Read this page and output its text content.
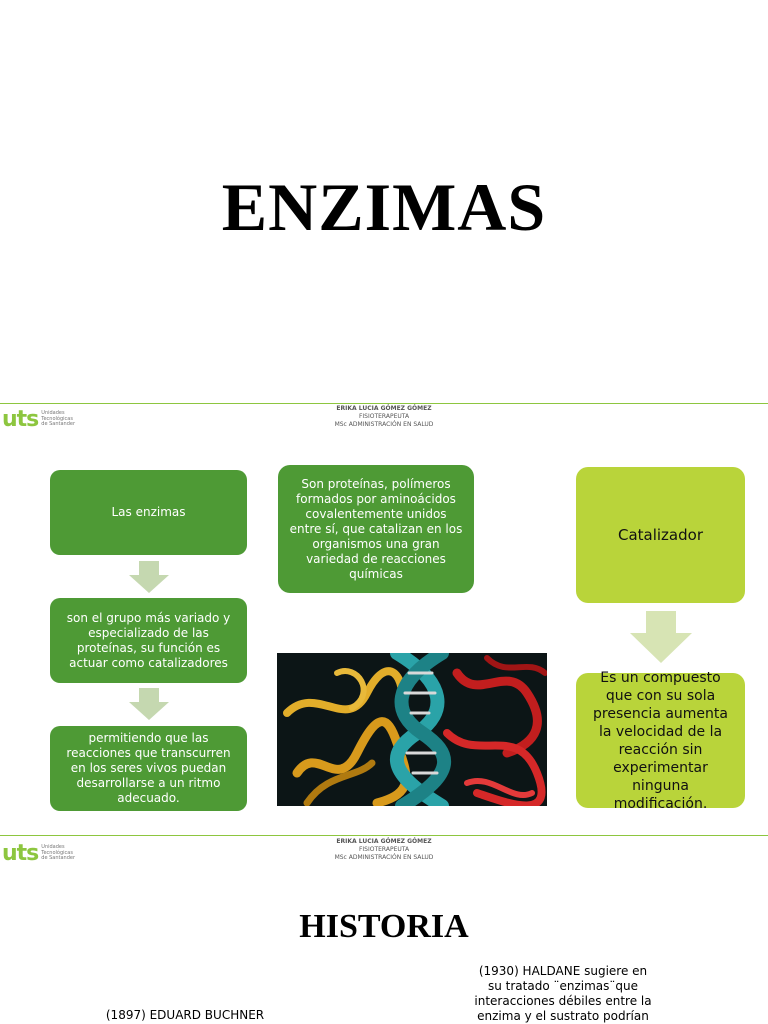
ENZIMAS
uts Unidades
Tecnológicas
de Santander
ERIKA LUCIA GÓMEZ GÓMEZ
FISIOTERAPEUTA
MSc ADMINISTRACIÓN EN SALUD
Las enzimas
son el grupo más variado y especializado de las proteínas, su función es actuar como catalizadores
permitiendo que las reacciones que transcurren en los seres vivos puedan desarrollarse a un ritmo adecuado.
Son proteínas, polímeros formados por aminoácidos covalentemente unidos entre sí, que catalizan en los organismos una gran variedad de reacciones químicas
Catalizador
Es un compuesto que con su sola presencia aumenta la velocidad de la reacción sin experimentar ninguna modificación.
uts Unidades
Tecnológicas
de Santander
ERIKA LUCIA GÓMEZ GÓMEZ
FISIOTERAPEUTA
MSc ADMINISTRACIÓN EN SALUD
HISTORIA
(1897) EDUARD BUCHNER
(1930) HALDANE sugiere en su tratado ¨enzimas¨que interacciones débiles entre la enzima y el sustrato podrían
